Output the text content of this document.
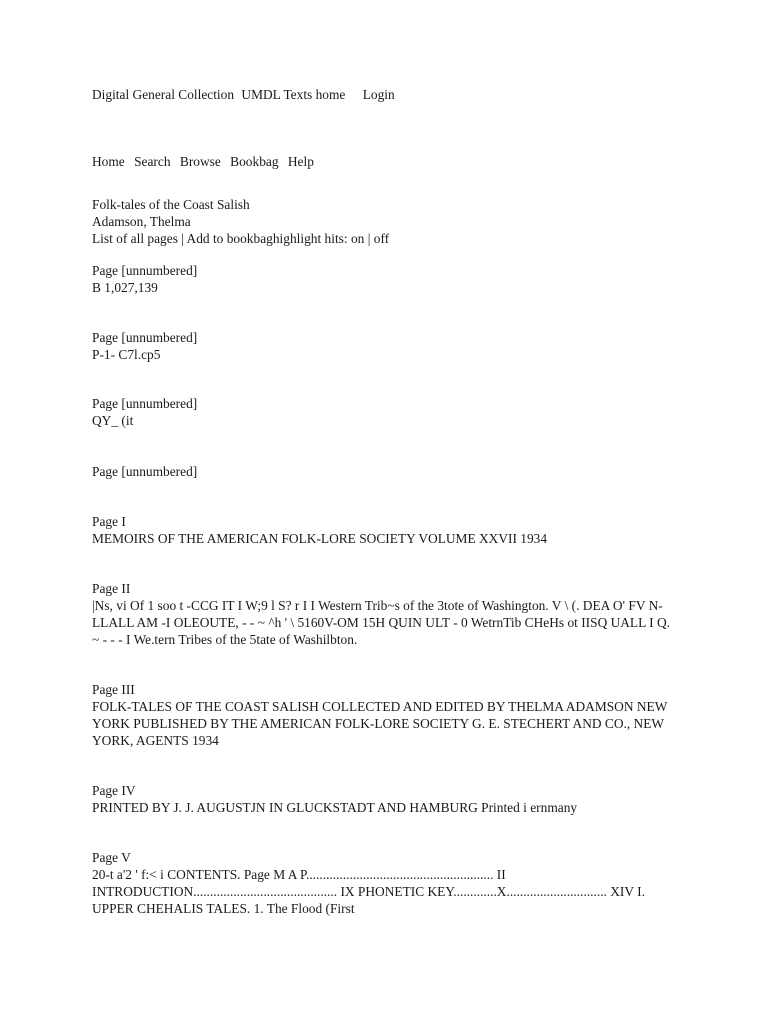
Digital General Collection UMDL Texts home Login
Home Search Browse Bookbag Help
Folk-tales of the Coast Salish
Adamson, Thelma
List of all pages | Add to bookbaghighlight hits: on | off
Page [unnumbered]
B 1,027,139
Page [unnumbered]
P-1- C7l.cp5
Page [unnumbered]
QY_ (it
Page [unnumbered]
Page I
MEMOIRS OF THE AMERICAN FOLK-LORE SOCIETY VOLUME XXVII 1934
Page II
|Ns, vi Of 1 soo t -CCG IT I W;9 l S? r I I Western Trib~s of the 3tote of Washington. V \ (. DEA O' FV N- LLALL AM -I OLEOUTE, - - ~ ^h ' \ 5160V-OM 15H QUIN ULT - 0 WetrnTib CHeHs ot IISQ UALL I Q. ~ - - - I We.tern Tribes of the 5tate of Washilbton.
Page III
FOLK-TALES OF THE COAST SALISH COLLECTED AND EDITED BY THELMA ADAMSON NEW YORK PUBLISHED BY THE AMERICAN FOLK-LORE SOCIETY G. E. STECHERT AND CO., NEW YORK, AGENTS 1934
Page IV
PRINTED BY J. J. AUGUSTJN IN GLUCKSTADT AND HAMBURG Printed i ernmany
Page V
20-t a'2 ' f:< i CONTENTS. Page M A P........................................................ II INTRODUCTION........................................... IX PHONETIC KEY.............X.............................. XIV I. UPPER CHEHALIS TALES. 1. The Flood (First
